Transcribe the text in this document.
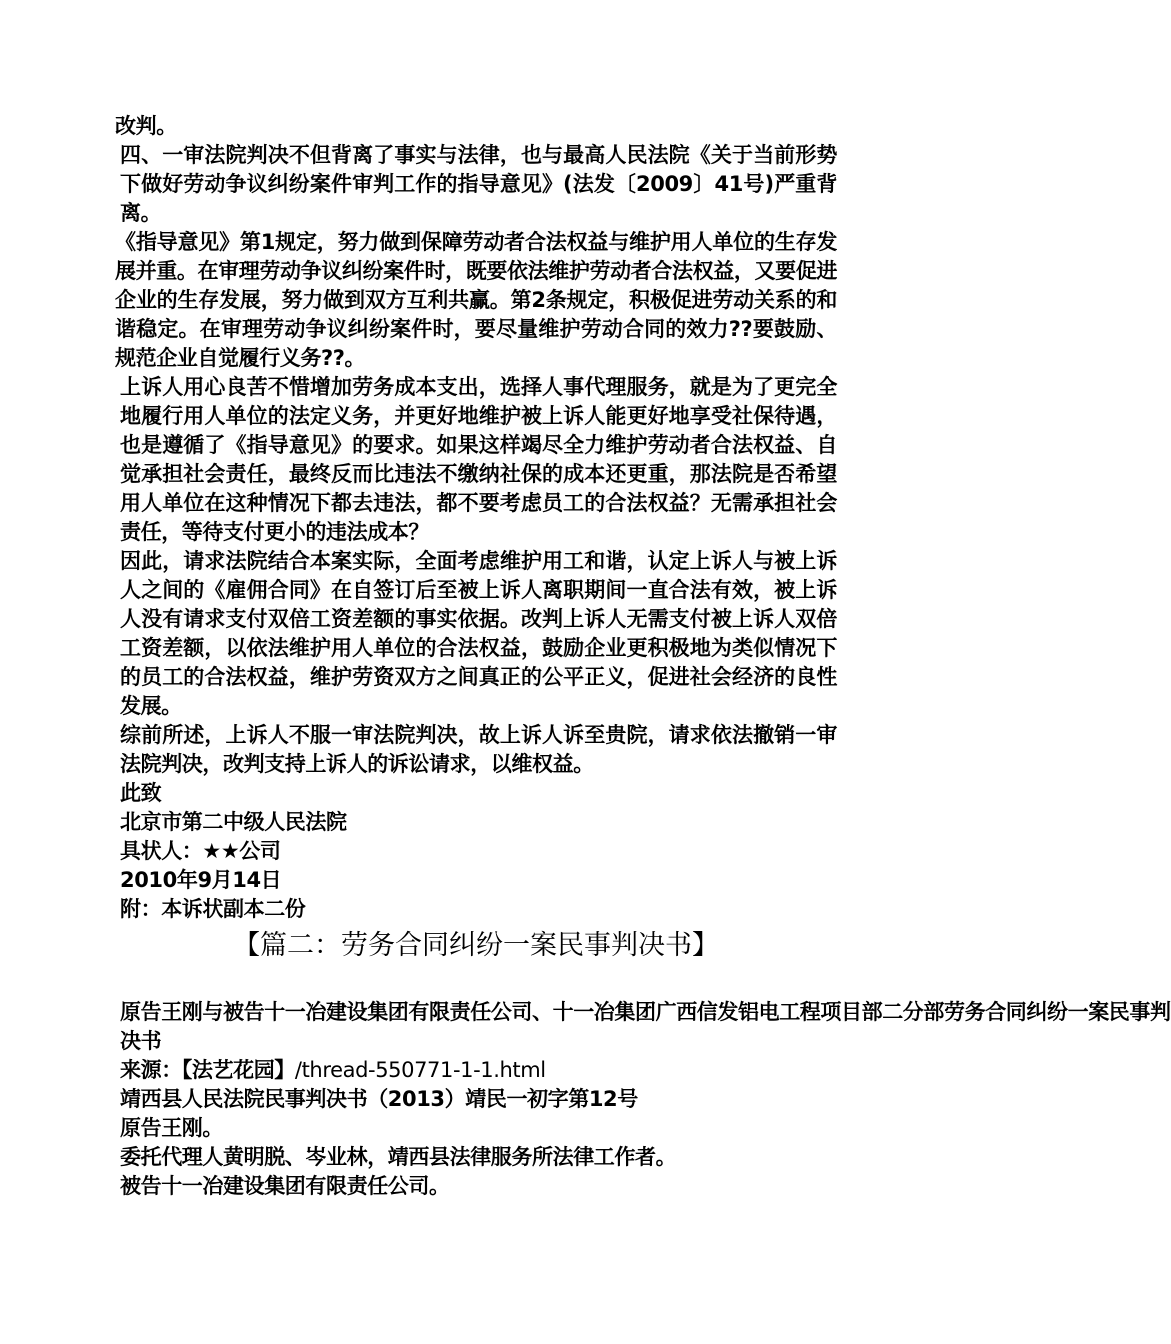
改判。

四、一审法院判决不但背离了事实与法律，也与最高人民法院《关于当前形势下做好劳动争议纠纷案件审判工作的指导意见》(法发〔2009〕41号)严重背离。

《指导意见》第1规定，努力做到保障劳动者合法权益与维护用人单位的生存发展并重。在审理劳动争议纠纷案件时，既要依法维护劳动者合法权益，又要促进企业的生存发展，努力做到双方互利共赢。第2条规定，积极促进劳动关系的和谐稳定。在审理劳动争议纠纷案件时，要尽量维护劳动合同的效力??要鼓励、规范企业自觉履行义务??。

上诉人用心良苦不惜增加劳务成本支出，选择人事代理服务，就是为了更完全地履行用人单位的法定义务，并更好地维护被上诉人能更好地享受社保待遇，也是遵循了《指导意见》的要求。如果这样竭尽全力维护劳动者合法权益、自觉承担社会责任，最终反而比违法不缴纳社保的成本还更重，那法院是否希望用人单位在这种情况下都去违法，都不要考虑员工的合法权益？无需承担社会责任，等待支付更小的违法成本？

因此，请求法院结合本案实际，全面考虑维护用工和谐，认定上诉人与被上诉人之间的《雇佣合同》在自签订后至被上诉人离职期间一直合法有效，被上诉人没有请求支付双倍工资差额的事实依据。改判上诉人无需支付被上诉人双倍工资差额，以依法维护用人单位的合法权益，鼓励企业更积极地为类似情况下的员工的合法权益，维护劳资双方之间真正的公平正义，促进社会经济的良性发展。

综前所述，上诉人不服一审法院判决，故上诉人诉至贵院，请求依法撤销一审法院判决，改判支持上诉人的诉讼请求，以维权益。

此致

北京市第二中级人民法院

具状人：★★公司

2010年9月14日

附：本诉状副本二份

【篇二：劳务合同纠纷一案民事判决书】

原告王刚与被告十一冶建设集团有限责任公司、十一冶集团广西信发铝电工程项目部二分部劳务合同纠纷一案民事判

决书

来源：【法艺花园】/thread-550771-1-1.html

靖西县人民法院民事判决书（2013）靖民一初字第12号

原告王刚。

委托代理人黄明脱、岑业林，靖西县法律服务所法律工作者。

被告十一冶建设集团有限责任公司。
